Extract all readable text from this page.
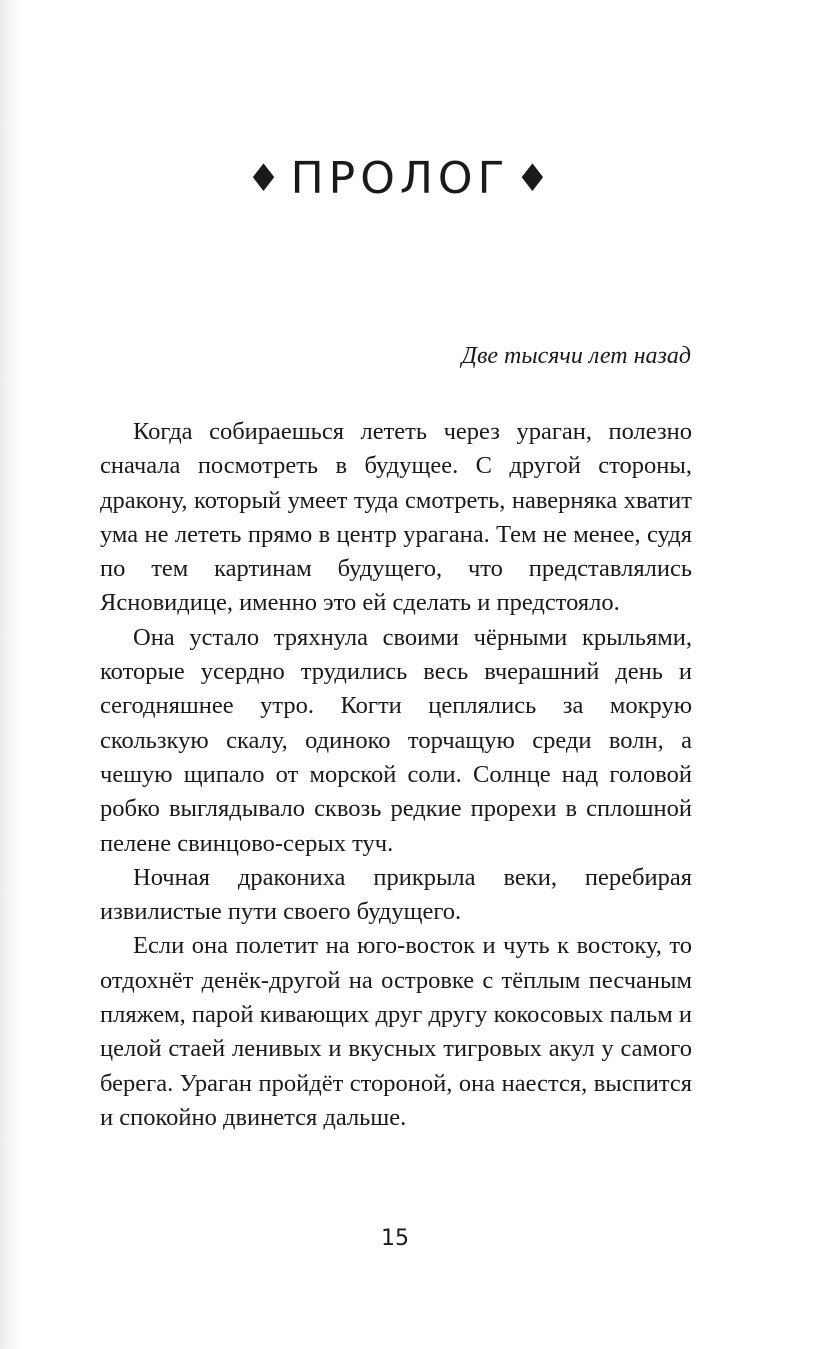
♦ ПРОЛОГ ♦
Две тысячи лет назад

Когда собираешься лететь через ураган, полезно сначала посмотреть в будущее. С другой стороны, дракону, который умеет туда смотреть, наверняка хватит ума не лететь прямо в центр урагана. Тем не менее, судя по тем картинам будущего, что представлялись Ясновидице, именно это ей сделать и предстояло.

Она устало тряхнула своими чёрными крыльями, которые усердно трудились весь вчерашний день и сегодняшнее утро. Когти цеплялись за мокрую скользкую скалу, одиноко торчащую среди волн, а чешую щипало от морской соли. Солнце над головой робко выглядывало сквозь редкие прорехи в сплошной пелене свинцово-серых туч.

Ночная дракониха прикрыла веки, перебирая извилистые пути своего будущего.

Если она полетит на юго-восток и чуть к востоку, то отдохнёт денёк-другой на островке с тёплым песчаным пляжем, парой кивающих друг другу кокосовых пальм и целой стаей ленивых и вкусных тигровых акул у самого берега. Ураган пройдёт стороной, она наестся, выспится и спокойно двинется дальше.

15
